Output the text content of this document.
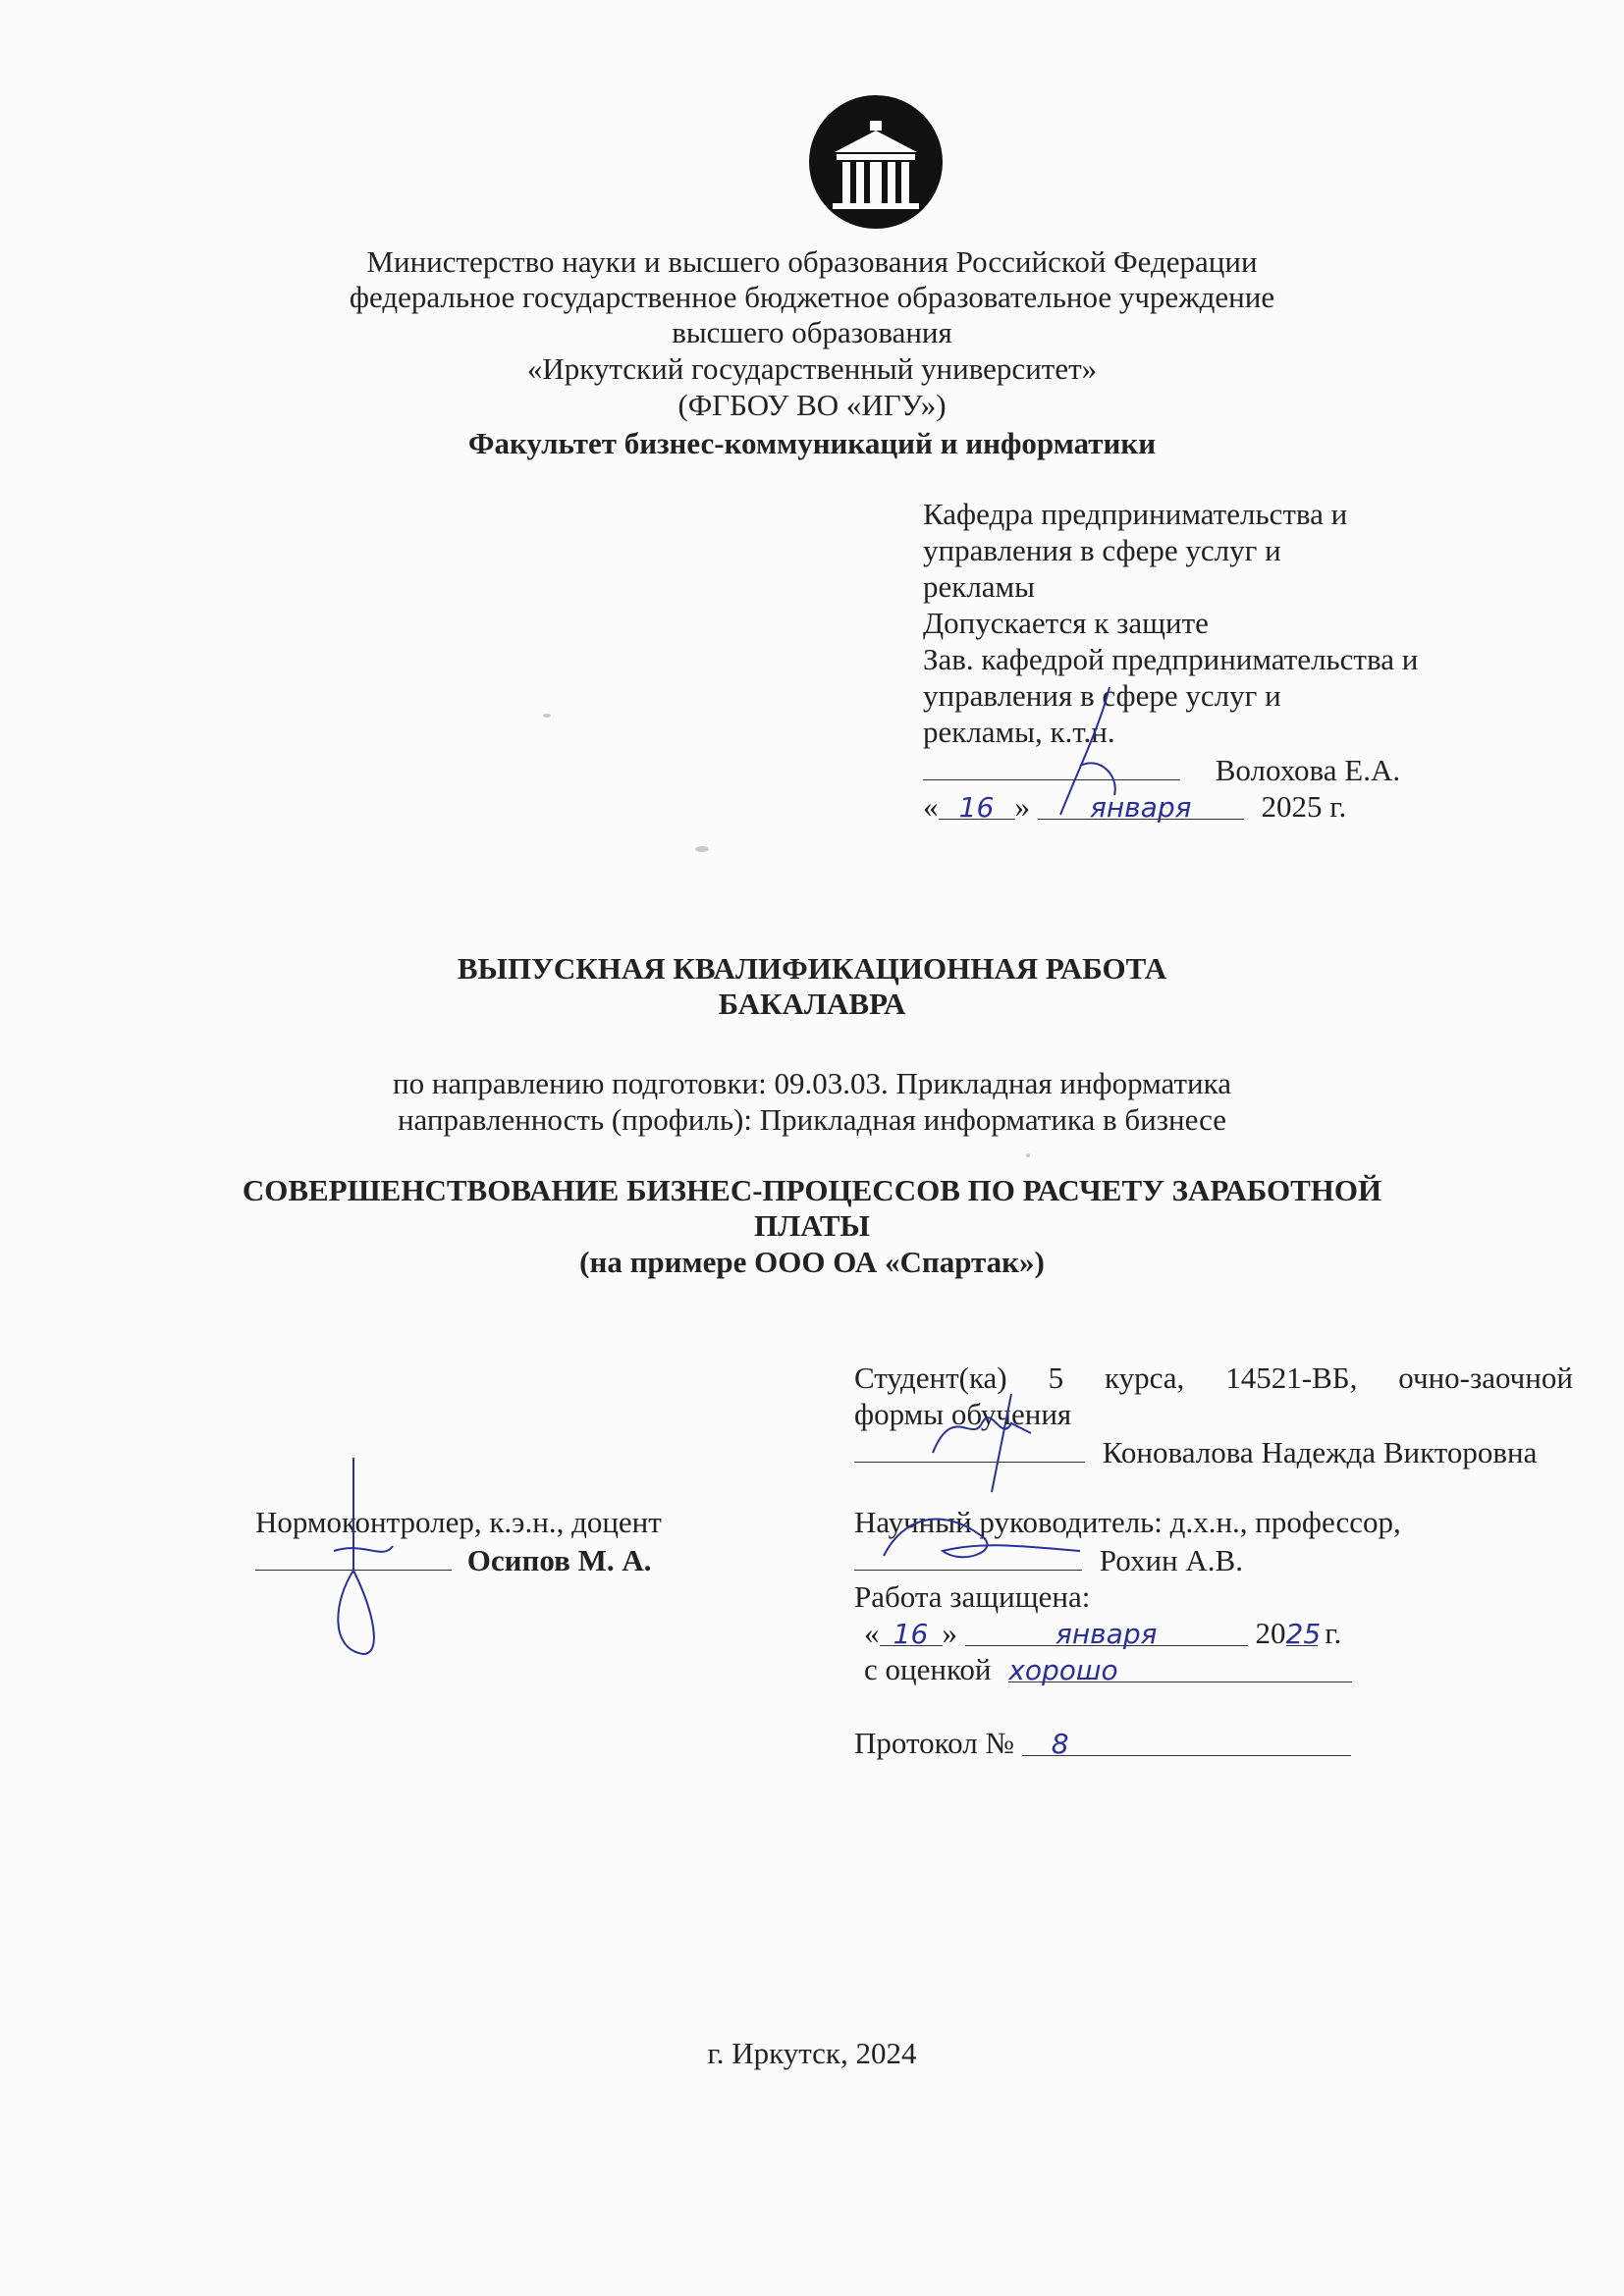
Министерство науки и высшего образования Российской Федерации
федеральное государственное бюджетное образовательное учреждение
высшего образования
«Иркутский государственный университет»
(ФГБОУ ВО «ИГУ»)
Факультет бизнес-коммуникаций и информатики
Кафедра предпринимательства и
управления в сфере услуг и
рекламы
Допускается к защите
Зав. кафедрой предпринимательства и
управления в сфере услуг и
рекламы, к.т.н.
Волохова Е.А.
« 16 » января 2025 г.
ВЫПУСКНАЯ КВАЛИФИКАЦИОННАЯ РАБОТА
БАКАЛАВРА
по направлению подготовки: 09.03.03. Прикладная информатика
направленность (профиль): Прикладная информатика в бизнесе
СОВЕРШЕНСТВОВАНИЕ БИЗНЕС-ПРОЦЕССОВ ПО РАСЧЕТУ ЗАРАБОТНОЙ
ПЛАТЫ
(на примере ООО ОА «Спартак»)
Студент(ка) 5 курса, 14521-ВБ, очно-заочной
формы обучения
Коновалова Надежда Викторовна
Нормоконтролер, к.э.н., доцент
Осипов М. А.
Научный руководитель: д.х.н., профессор,
Рохин А.В.
Работа защищена:
« 16 »	января	2025 г.
с оценкой хорошо
Протокол № 8
г. Иркутск, 2024
